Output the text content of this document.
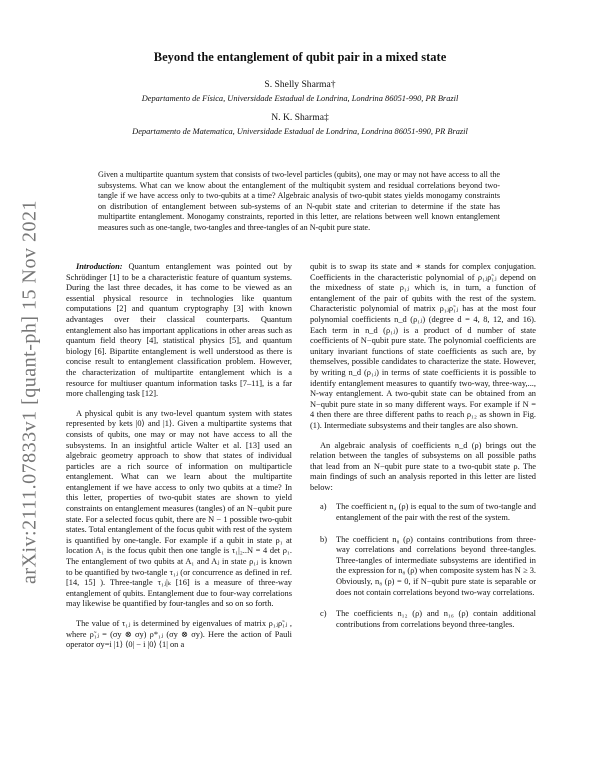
arXiv:2111.07833v1 [quant-ph] 15 Nov 2021
Beyond the entanglement of qubit pair in a mixed state
S. Shelly Sharma†
Departamento de Física, Universidade Estadual de Londrina, Londrina 86051-990, PR Brazil
N. K. Sharma‡
Departamento de Matematica, Universidade Estadual de Londrina, Londrina 86051-990, PR Brazil
Given a multipartite quantum system that consists of two-level particles (qubits), one may or may not have access to all the subsystems. What can we know about the entanglement of the multiqubit system and residual correlations beyond two-tangle if we have access only to two-qubits at a time? Algebraic analysis of two-qubit states yields monogamy constraints on distribution of entanglement between sub-systems of an N-qubit state and criterian to determine if the state has multipartite entanglement. Monogamy constraints, reported in this letter, are relations between well known entanglement measures such as one-tangle, two-tangles and three-tangles of an N-qubit pure state.

Introduction: Quantum entanglement was pointed out by Schrödinger [1] to be a characteristic feature of quantum systems. During the last three decades, it has come to be viewed as an essential physical resource in technologies like quantum computations [2] and quantum cryptography [3] with known advantages over their classical counterparts. Quantum entanglement also has important applications in other areas such as quantum field theory [4], statistical physics [5], and quantum biology [6]. Bipartite entanglement is well understood as there is concise result to entanglement classification problem. However, the characterization of multipartite entanglement which is a resource for multiuser quantum information tasks [7–11], is a far more challenging task [12].

A physical qubit is any two-level quantum system with states represented by kets |0⟩ and |1⟩. Given a multipartite systems that consists of qubits, one may or may not have access to all the subsystems. In an insightful article Walter et al. [13] used an algebraic geometry approach to show that states of individual particles are a rich source of information on multiparticle entanglement. What can we learn about the multipartite entanglement if we have access to only two qubits at a time? In this letter, properties of two-qubit states are shown to yield constraints on entanglement measures (tangles) of an N−qubit pure state. For a selected focus qubit, there are N − 1 possible two-qubit states. Total entanglement of the focus qubit with rest of the system is quantified by one-tangle. For example if a qubit in state ρ₁ at location A₁ is the focus qubit then one tangle is τ₁|₂..N = 4 det ρ₁. The entanglement of two qubits at A₁ and Aⱼ in state ρ₁ⱼ is known to be quantified by two-tangle τ₁ⱼ (or concurrence as defined in ref. [14, 15] ). Three-tangle τ₁ⱼ|ₖ [16] is a measure of three-way entanglement of qubits. Entanglement due to four-way correlations may likewise be quantified by four-tangles and so on so forth.

The value of τ₁ⱼ is determined by eigenvalues of matrix ρ₁ⱼρ̃₁ⱼ , where ρ̃₁ⱼ = (σy ⊗ σy) ρ*₁ⱼ (σy ⊗ σy). Here the action of Pauli operator σy=i |1⟩ ⟨0| − i |0⟩ ⟨1| on a

qubit is to swap its state and ∗ stands for complex conjugation. Coefficients in the characteristic polynomial of ρ₁ⱼρ̃₁ⱼ depend on the mixedness of state ρ₁ⱼ which is, in turn, a function of entanglement of the pair of qubits with the rest of the system. Characteristic polynomial of matrix ρ₁ⱼρ̃₁ⱼ has at the most four polynomial coefficients n_d (ρ₁ⱼ) (degree d = 4, 8, 12, and 16). Each term in n_d (ρ₁ⱼ) is a product of d number of state coefficients of N−qubit pure state. The polynomial coefficients are unitary invariant functions of state coefficients as such are, by themselves, possible candidates to characterize the state. However, by writing n_d (ρ₁ⱼ) in terms of state coefficients it is possible to identify entanglement measures to quantify two-way, three-way,..., N-way entanglement. A two-qubit state can be obtained from an N−qubit pure state in so many different ways. For example if N = 4 then there are three different paths to reach ρ₁₂ as shown in Fig. (1). Intermediate subsystems and their tangles are also shown.

An algebraic analysis of coefficients n_d (ρ) brings out the relation between the tangles of subsystems on all possible paths that lead from an N−qubit pure state to a two-qubit state ρ. The main findings of such an analysis reported in this letter are listed below:

a) The coefficient n₄ (ρ) is equal to the sum of two-tangle and entanglement of the pair with the rest of the system.
b) The coefficient n₈ (ρ) contains contributions from three-way correlations and correlations beyond three-tangles. Three-tangles of intermediate subsystems are identified in the expression for n₈ (ρ) when composite system has N ≥ 3. Obviously, n₈ (ρ) = 0, if N−qubit pure state is separable or does not contain correlations beyond two-way correlations.
c) The coefficients n₁₂ (ρ) and n₁₆ (ρ) contain additional contributions from correlations beyond three-tangles.
